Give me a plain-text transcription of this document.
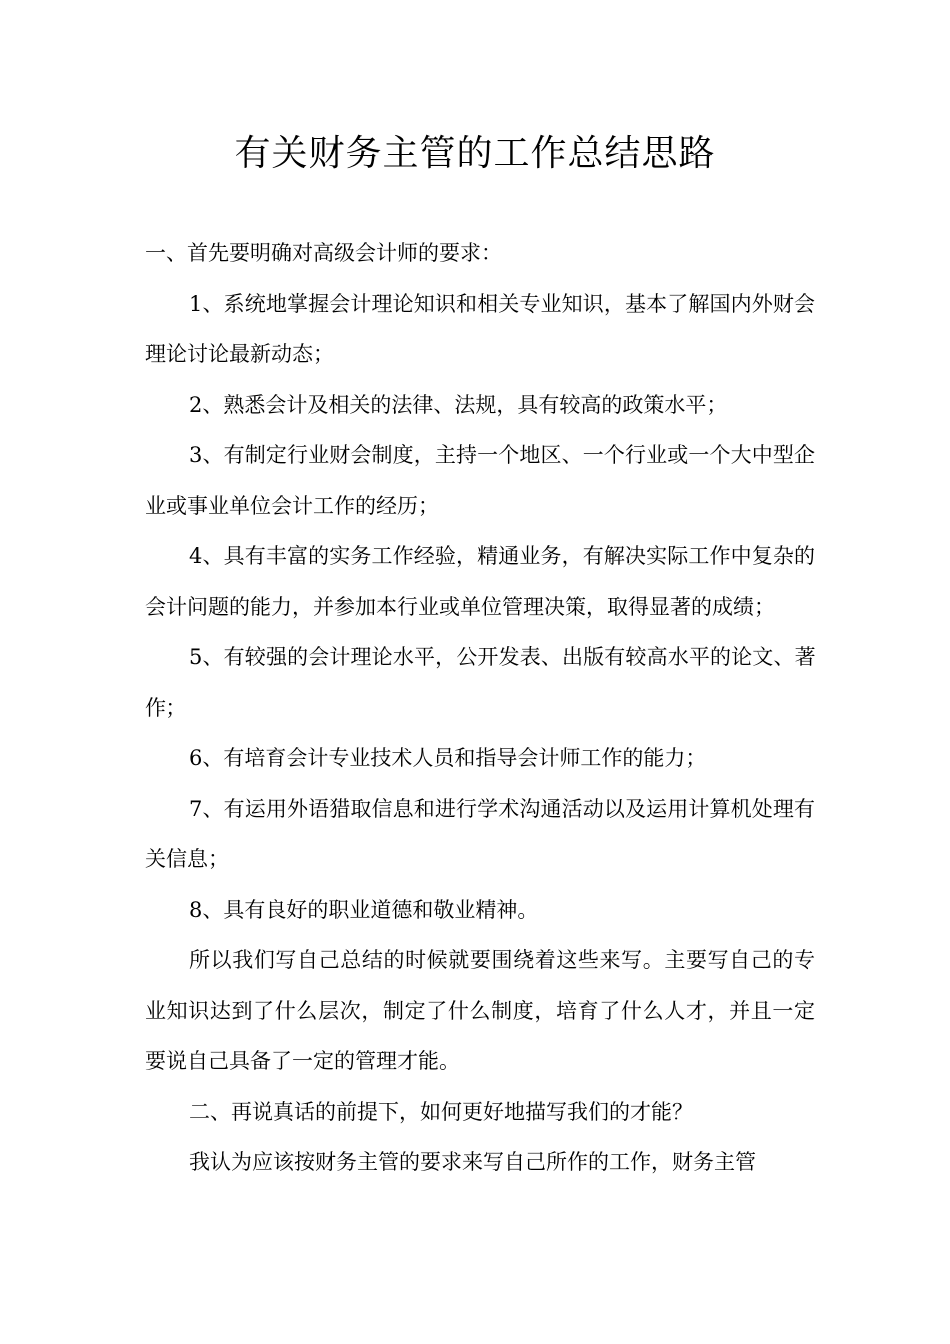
有关财务主管的工作总结思路

一、首先要明确对高级会计师的要求：

1、系统地掌握会计理论知识和相关专业知识，基本了解国内外财会理论讨论最新动态；

2、熟悉会计及相关的法律、法规，具有较高的政策水平；

3、有制定行业财会制度，主持一个地区、一个行业或一个大中型企业或事业单位会计工作的经历；

4、具有丰富的实务工作经验，精通业务，有解决实际工作中复杂的会计问题的能力，并参加本行业或单位管理决策，取得显著的成绩；

5、有较强的会计理论水平，公开发表、出版有较高水平的论文、著作；

6、有培育会计专业技术人员和指导会计师工作的能力；

7、有运用外语猎取信息和进行学术沟通活动以及运用计算机处理有关信息；

8、具有良好的职业道德和敬业精神。

所以我们写自己总结的时候就要围绕着这些来写。主要写自己的专业知识达到了什么层次，制定了什么制度，培育了什么人才，并且一定要说自己具备了一定的管理才能。

二、再说真话的前提下，如何更好地描写我们的才能？

我认为应该按财务主管的要求来写自己所作的工作，财务主管
